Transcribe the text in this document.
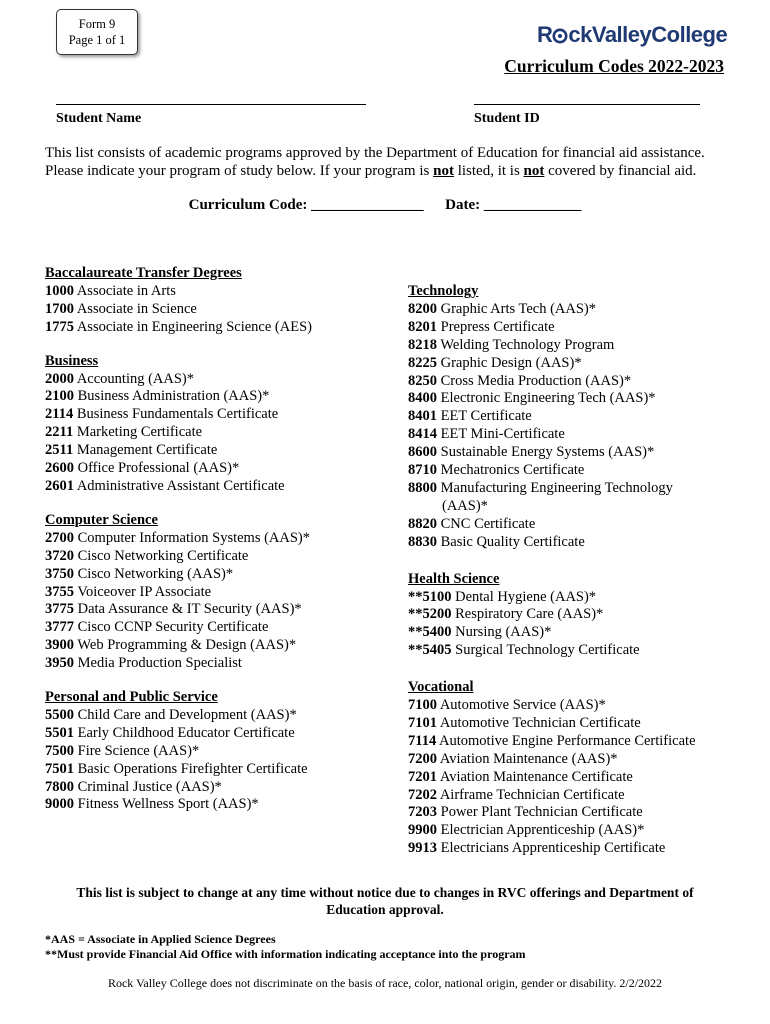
Form 9
Page 1 of 1	R ckValleyCollege
Curriculum Codes 2022-2023
Student Name	Student ID
This list consists of academic programs approved by the Department of Education for financial aid assistance.
Please indicate your program of study below. If your program is not listed, it is not covered by financial aid.
Curriculum Code: _______________ Date: _____________
Baccalaureate Transfer Degrees
1000 Associate in Arts
1700 Associate in Science
1775 Associate in Engineering Science (AES)
Business
2000 Accounting (AAS)*
2100 Business Administration (AAS)*
2114 Business Fundamentals Certificate
2211 Marketing Certificate
2511 Management Certificate
2600 Office Professional (AAS)*
2601 Administrative Assistant Certificate
Computer Science
2700 Computer Information Systems (AAS)*
3720 Cisco Networking Certificate
3750 Cisco Networking (AAS)*
3755 Voiceover IP Associate
3775 Data Assurance & IT Security (AAS)*
3777 Cisco CCNP Security Certificate
3900 Web Programming & Design (AAS)*
3950 Media Production Specialist
Personal and Public Service
5500 Child Care and Development (AAS)*
5501 Early Childhood Educator Certificate
7500 Fire Science (AAS)*
7501 Basic Operations Firefighter Certificate
7800 Criminal Justice (AAS)*
9000 Fitness Wellness Sport (AAS)*
Technology
8200 Graphic Arts Tech (AAS)*
8201 Prepress Certificate
8218 Welding Technology Program
8225 Graphic Design (AAS)*
8250 Cross Media Production (AAS)*
8400 Electronic Engineering Tech (AAS)*
8401 EET Certificate
8414 EET Mini-Certificate
8600 Sustainable Energy Systems (AAS)*
8710 Mechatronics Certificate
8800 Manufacturing Engineering Technology
(AAS)*
8820 CNC Certificate
8830 Basic Quality Certificate
Health Science
**5100 Dental Hygiene (AAS)*
**5200 Respiratory Care (AAS)*
**5400 Nursing (AAS)*
**5405 Surgical Technology Certificate
Vocational
7100 Automotive Service (AAS)*
7101 Automotive Technician Certificate
7114 Automotive Engine Performance Certificate
7200 Aviation Maintenance (AAS)*
7201 Aviation Maintenance Certificate
7202 Airframe Technician Certificate
7203 Power Plant Technician Certificate
9900 Electrician Apprenticeship (AAS)*
9913 Electricians Apprenticeship Certificate
This list is subject to change at any time without notice due to changes in RVC offerings and Department of
Education approval.
*AAS = Associate in Applied Science Degrees
**Must provide Financial Aid Office with information indicating acceptance into the program
Rock Valley College does not discriminate on the basis of race, color, national origin, gender or disability. 2/2/2022
